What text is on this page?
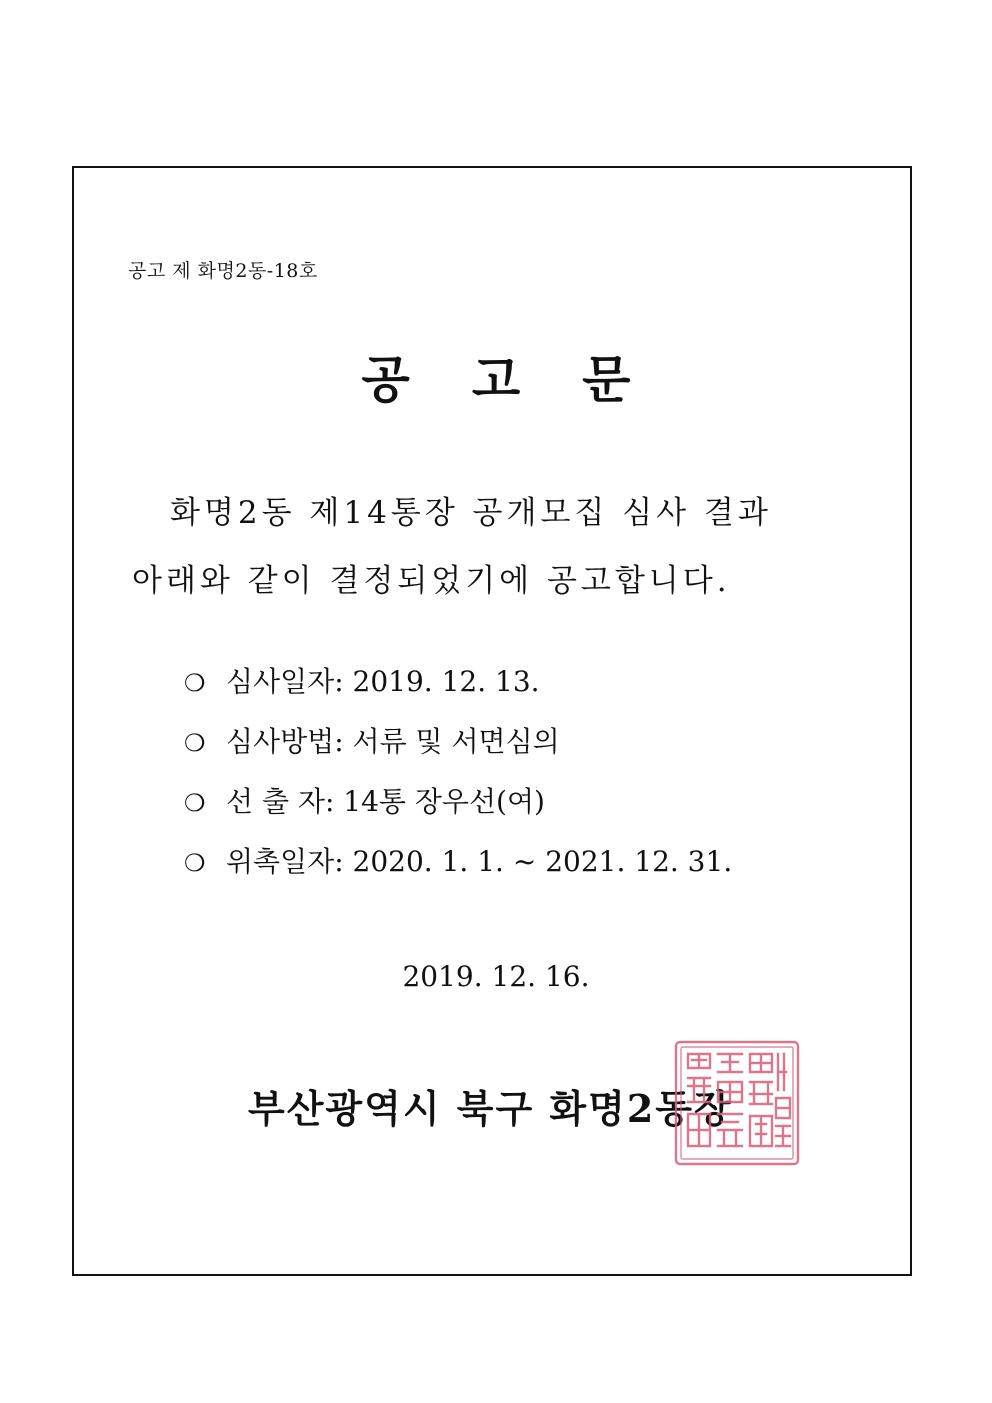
공고 제 화명2동-18호
공고문
화명2동 제14통장 공개모집 심사 결과
아래와 같이 결정되었기에 공고합니다.
❍ 심사일자: 2019. 12. 13.
❍ 심사방법: 서류 및 서면심의
❍ 선 출 자: 14통 장우선(여)
❍ 위촉일자: 2020. 1. 1. ~ 2021. 12. 31.
2019. 12. 16.
부산광역시 북구 화명2동장
